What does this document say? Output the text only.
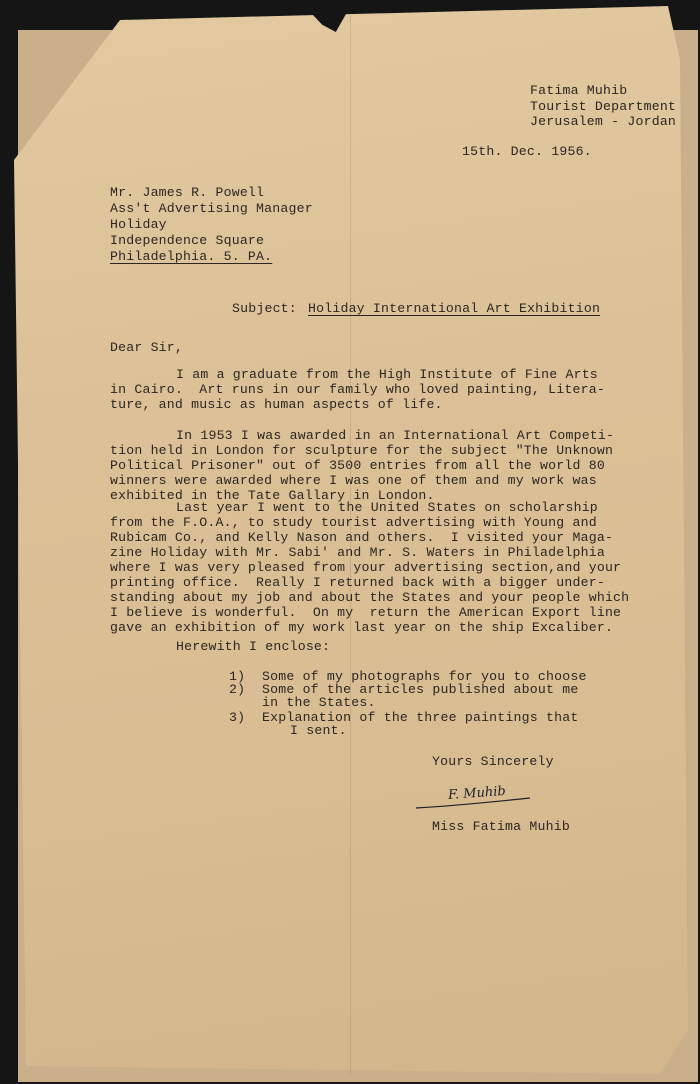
Fatima Muhib
Tourist Department
Jerusalem - Jordan
15th. Dec. 1956.
Mr. James R. Powell
Ass't Advertising Manager
Holiday
Independence Square
Philadelphia. 5. PA.
Subject: Holiday International Art Exhibition
Dear Sir,
I am a graduate from the High Institute of Fine Arts
in Cairo.  Art runs in our family who loved painting, Litera-
ture, and music as human aspects of life.
In 1953 I was awarded in an International Art Competi-
tion held in London for sculpture for the subject "The Unknown
Political Prisoner" out of 3500 entries from all the world 80
winners were awarded where I was one of them and my work was
exhibited in the Tate Gallary in London.
Last year I went to the United States on scholarship
from the F.O.A., to study tourist advertising with Young and
Rubicam Co., and Kelly Nason and others.  I visited your Maga-
zine Holiday with Mr. Sabi' and Mr. S. Waters in Philadelphia
where I was very pleased from your advertising section,and your
printing office.  Really I returned back with a bigger under-
standing about my job and about the States and your people which
I believe is wonderful.  On my  return the American Export line
gave an exhibition of my work last year on the ship Excaliber.
Herewith I enclose:
1) Some of my photographs for you to choose
2) Some of the articles published about me
in the States.
3) Explanation of the three paintings that
I sent.
Yours Sincerely
F. Muhib
Miss Fatima Muhib
